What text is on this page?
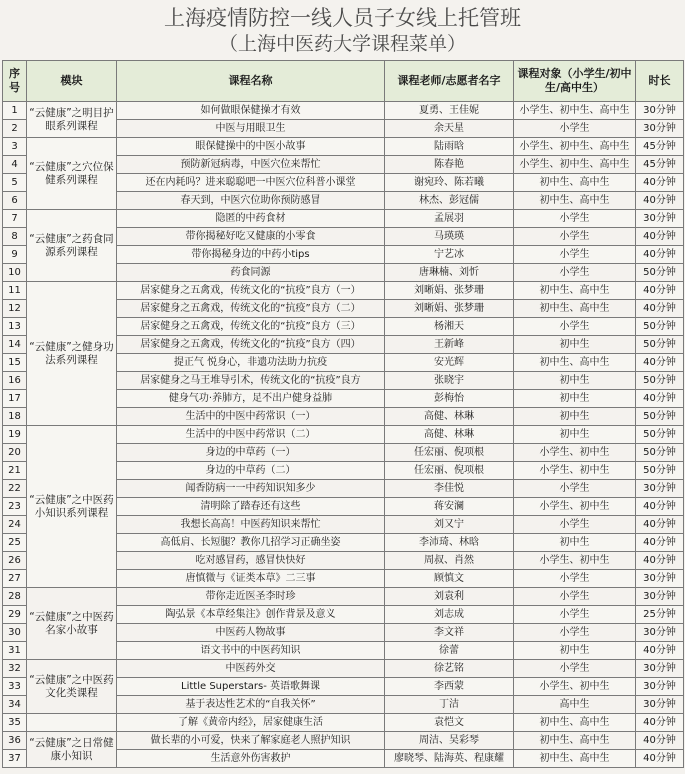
上海疫情防控一线人员子女线上托管班
（上海中医药大学课程菜单）
序号	模块	课程名称	课程老师/志愿者名字	课程对象（小学生/初中生/高中生）	时长
1	“云健康”之明目护眼系列课程	如何做眼保健操才有效	夏勇、王佳妮	小学生、初中生、高中生	30分钟
2		中医与用眼卫生	余天星	小学生	30分钟
3	“云健康”之穴位保健系列课程	眼保健操中的中医小故事	陆雨晗	小学生、初中生、高中生	45分钟
4		预防新冠病毒，中医穴位来帮忙	陈春艳	小学生、初中生、高中生	45分钟
5		还在内耗吗？进来聪聪吧一中医穴位科普小课堂	谢宛玲、陈若曦	初中生、高中生	40分钟
6		春天到，中医穴位助你预防感冒	林杰、彭冠儒	初中生、高中生	40分钟
7	“云健康”之药食同源系列课程	隐匿的中药食材	孟展羽	小学生	30分钟
8		带你揭秘好吃又健康的小零食	马瑛瑛	小学生	40分钟
9		带你揭秘身边的中药小tips	宁艺冰	小学生	40分钟
10		药食同源	唐琳楠、刘忻	小学生	50分钟
11	“云健康”之健身功法系列课程	居家健身之五禽戏，传统文化的“抗疫”良方（一）	刘晰娟、张梦珊	初中生、高中生	40分钟
12		居家健身之五禽戏，传统文化的“抗疫”良方（二）	刘晰娟、张梦珊	初中生、高中生	40分钟
13		居家健身之五禽戏，传统文化的“抗疫”良方（三）	杨湘天	小学生	50分钟
14		居家健身之五禽戏，传统文化的“抗疫”良方（四）	王新峰	初中生	50分钟
15		提正气 悦身心，非遗功法助力抗疫	安光辉	初中生、高中生	40分钟
16		居家健身之马王堆导引术，传统文化的“抗疫”良方	张晓宇	初中生	50分钟
17		健身气功·养肺方，足不出户健身益肺	彭梅怡	初中生	40分钟
18		生活中的中医中药常识（一）	高健、林琳	初中生	50分钟
19	“云健康”之中医药小知识系列课程	生活中的中医中药常识（二）	高健、林琳	初中生	50分钟
20		身边的中草药（一）	任宏丽、倪项根	小学生、初中生	50分钟
21		身边的中草药（二）	任宏丽、倪项根	小学生、初中生	50分钟
22		闻香防病一一中药知识知多少	李佳悦	小学生	30分钟
23		清明除了踏春还有这些	蒋安澜	小学生、初中生	40分钟
24		我想长高高！中医药知识来帮忙	刘又宁	小学生	40分钟
25		高低肩、长短腿？教你几招学习正确坐姿	李沛琦、林晗	初中生	40分钟
26		吃对感冒药，感冒快快好	周叔、肖然	小学生、初中生	40分钟
27		唐慎微与《证类本草》二三事	顾慎文	小学生	30分钟
28	“云健康”之中医药名家小故事	带你走近医圣李时珍	刘袁利	小学生	30分钟
29		陶弘景《本草经集注》创作背景及意义	刘志成	小学生	25分钟
30		中医药人物故事	李文祥	小学生	30分钟
31		语文书中的中医药知识	徐蕾	初中生	40分钟
32	“云健康”之中医药文化类课程	中医药外交	徐艺铭	小学生	30分钟
33		Little Superstars- 英语歌舞课	李西蒙	小学生、初中生	30分钟
34		基于表达性艺术的“自我关怀”	丁洁	高中生	30分钟
35		了解《黄帝内经》，居家健康生活	袁恺文	初中生、高中生	40分钟
36	“云健康”之日常健康小知识	做长辈的小可爱，快来了解家庭老人照护知识	周洁、吴彩琴	初中生、高中生	40分钟
37		生活意外伤害救护	廖晓琴、陆海英、程康耀	初中生、高中生	40分钟
